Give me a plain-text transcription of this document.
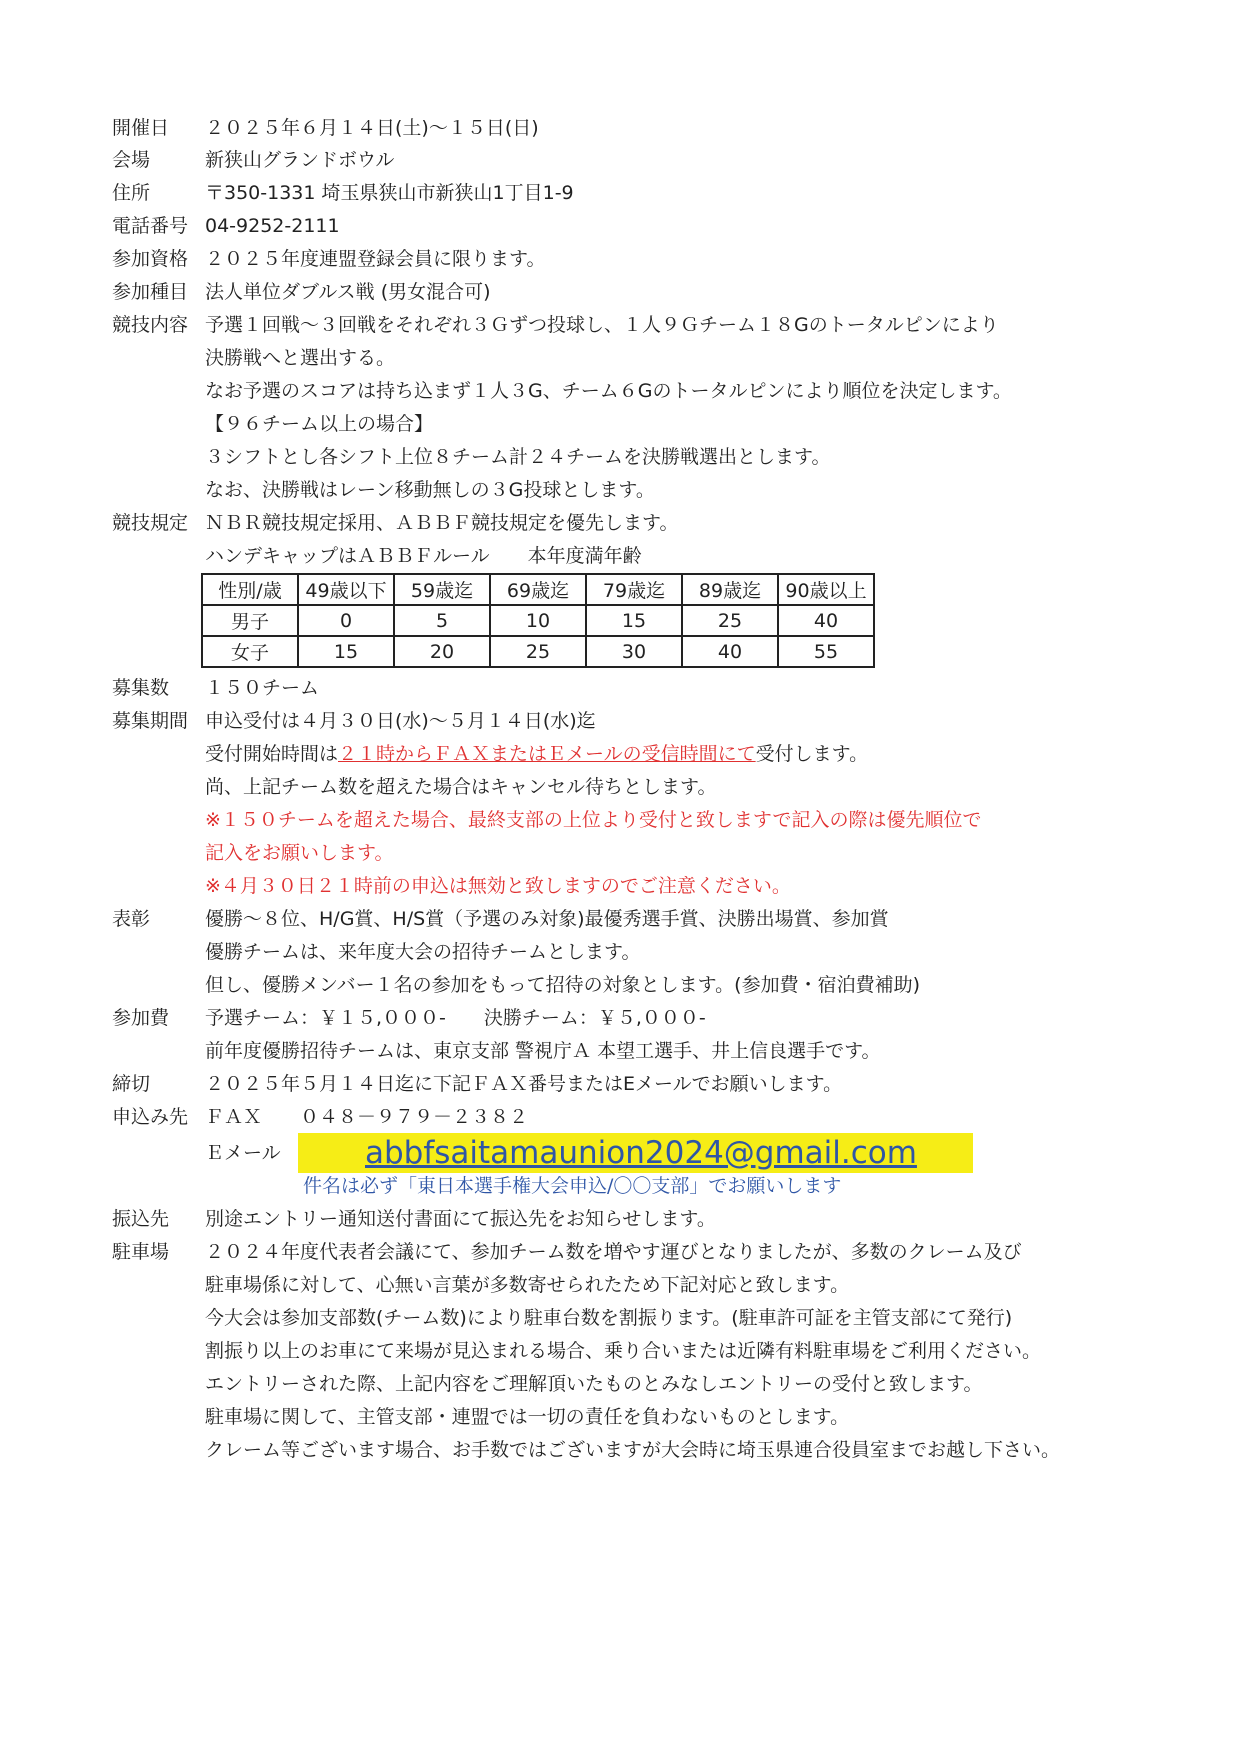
開催日 ２０２５年６月１４日(土)～１５日(日)
会場	新狭山グランドボウル
住所	〒350-1331 埼玉県狭山市新狭山1丁目1-9
電話番号 04-9252-2111
参加資格 ２０２５年度連盟登録会員に限ります。
参加種目 法人単位ダブルス戦 (男女混合可)
競技内容 予選１回戦～３回戦をそれぞれ３Ｇずつ投球し、１人９Ｇチーム１８Gのトータルピンにより
決勝戦へと選出する。
なお予選のスコアは持ち込まず１人３G、チーム６Gのトータルピンにより順位を決定します。
【９６チーム以上の場合】
３シフトとし各シフト上位８チーム計２４チームを決勝戦選出とします。
なお、決勝戦はレーン移動無しの３G投球とします。
競技規定 ＮＢＲ競技規定採用、ＡＢＢＦ競技規定を優先します。
ハンデキャップはＡＢＢＦルール　　本年度満年齢
性別/歳	49歳以下	59歳迄	69歳迄	79歳迄	89歳迄	90歳以上
男子	0	5	10	15	25	40
女子	15	20	25	30	40	55
募集数 １５０チーム
募集期間 申込受付は４月３０日(水)～５月１４日(水)迄
受付開始時間は２１時からＦＡＸまたはＥメールの受信時間にて受付します。
尚、上記チーム数を超えた場合はキャンセル待ちとします。
※１５０チームを超えた場合、最終支部の上位より受付と致しますで記入の際は優先順位で
記入をお願いします。
※４月３０日２１時前の申込は無効と致しますのでご注意ください。
表彰	優勝～８位、H/G賞、H/S賞（予選のみ対象)最優秀選手賞、決勝出場賞、参加賞
優勝チームは、来年度大会の招待チームとします。
但し、優勝メンバー１名の参加をもって招待の対象とします。(参加費・宿泊費補助)
参加費 予選チーム：￥１５,０００-　　決勝チーム：￥５,０００-
前年度優勝招待チームは、東京支部 警視庁Ａ 本望工選手、井上信良選手です。
締切	２０２５年５月１４日迄に下記ＦＡＸ番号またはEメールでお願いします。
申込み先 ＦＡＸ　　０４８－９７９－２３８２
Ｅメール	abbfsaitamaunion2024@gmail.com
件名は必ず「東日本選手権大会申込/〇〇支部」でお願いします
振込先 別途エントリー通知送付書面にて振込先をお知らせします。
駐車場 ２０２４年度代表者会議にて、参加チーム数を増やす運びとなりましたが、多数のクレーム及び
駐車場係に対して、心無い言葉が多数寄せられたため下記対応と致します。
今大会は参加支部数(チーム数)により駐車台数を割振ります。(駐車許可証を主管支部にて発行)
割振り以上のお車にて来場が見込まれる場合、乗り合いまたは近隣有料駐車場をご利用ください。
エントリーされた際、上記内容をご理解頂いたものとみなしエントリーの受付と致します。
駐車場に関して、主管支部・連盟では一切の責任を負わないものとします。
クレーム等ございます場合、お手数ではございますが大会時に埼玉県連合役員室までお越し下さい。
